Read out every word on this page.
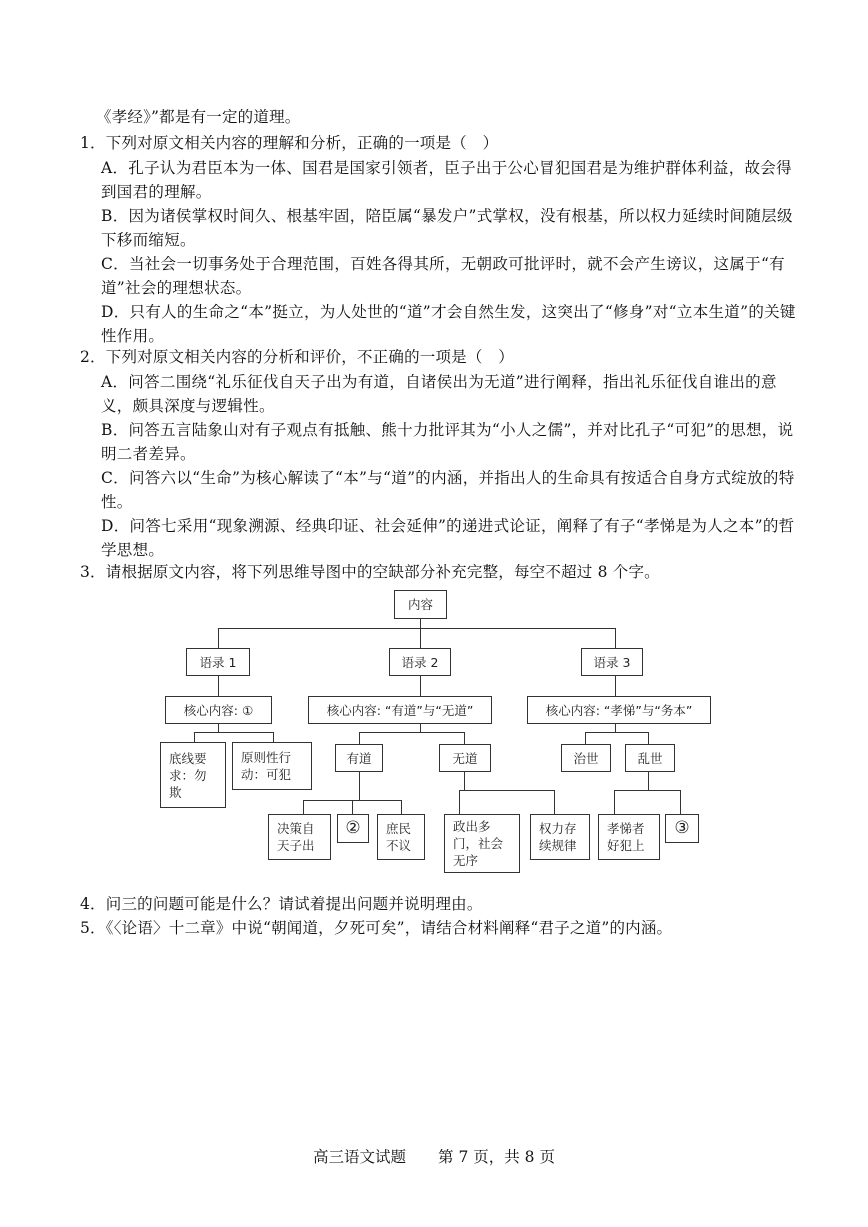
《孝经》”都是有一定的道理。
1．下列对原文相关内容的理解和分析，正确的一项是（　）
A．孔子认为君臣本为一体、国君是国家引领者，臣子出于公心冒犯国君是为维护群体利益，故会得到国君的理解。
B．因为诸侯掌权时间久、根基牢固，陪臣属“暴发户”式掌权，没有根基，所以权力延续时间随层级下移而缩短。
C．当社会一切事务处于合理范围，百姓各得其所，无朝政可批评时，就不会产生谤议，这属于“有道”社会的理想状态。
D．只有人的生命之“本”挺立，为人处世的“道”才会自然生发，这突出了“修身”对“立本生道”的关键性作用。
2．下列对原文相关内容的分析和评价，不正确的一项是（　）
A．问答二围绕“礼乐征伐自天子出为有道，自诸侯出为无道”进行阐释，指出礼乐征伐自谁出的意义，颇具深度与逻辑性。
B．问答五言陆象山对有子观点有抵触、熊十力批评其为“小人之儒”，并对比孔子“可犯”的思想，说明二者差异。
C．问答六以“生命”为核心解读了“本”与“道”的内涵，并指出人的生命具有按适合自身方式绽放的特性。
D．问答七采用“现象溯源、经典印证、社会延伸”的递进式论证，阐释了有子“孝悌是为人之本”的哲学思想。
3．请根据原文内容，将下列思维导图中的空缺部分补充完整，每空不超过 8 个字。
内容
语录 1	语录 2	语录 3
核心内容: ①	核心内容: “有道”与“无道”	核心内容: “孝悌”与“务本”
底线要求：勿欺
原则性行动：可犯
有道	无道	治世	乱世
决策自天子出
②	庶民不议
政出多门，社会无序
权力存续规律
孝悌者好犯上
③
4．问三的问题可能是什么？请试着提出问题并说明理由。
5．《〈论语〉十二章》中说“朝闻道，夕死可矣”，请结合材料阐释“君子之道”的内涵。
高三语文试题 第 7 页，共 8 页
